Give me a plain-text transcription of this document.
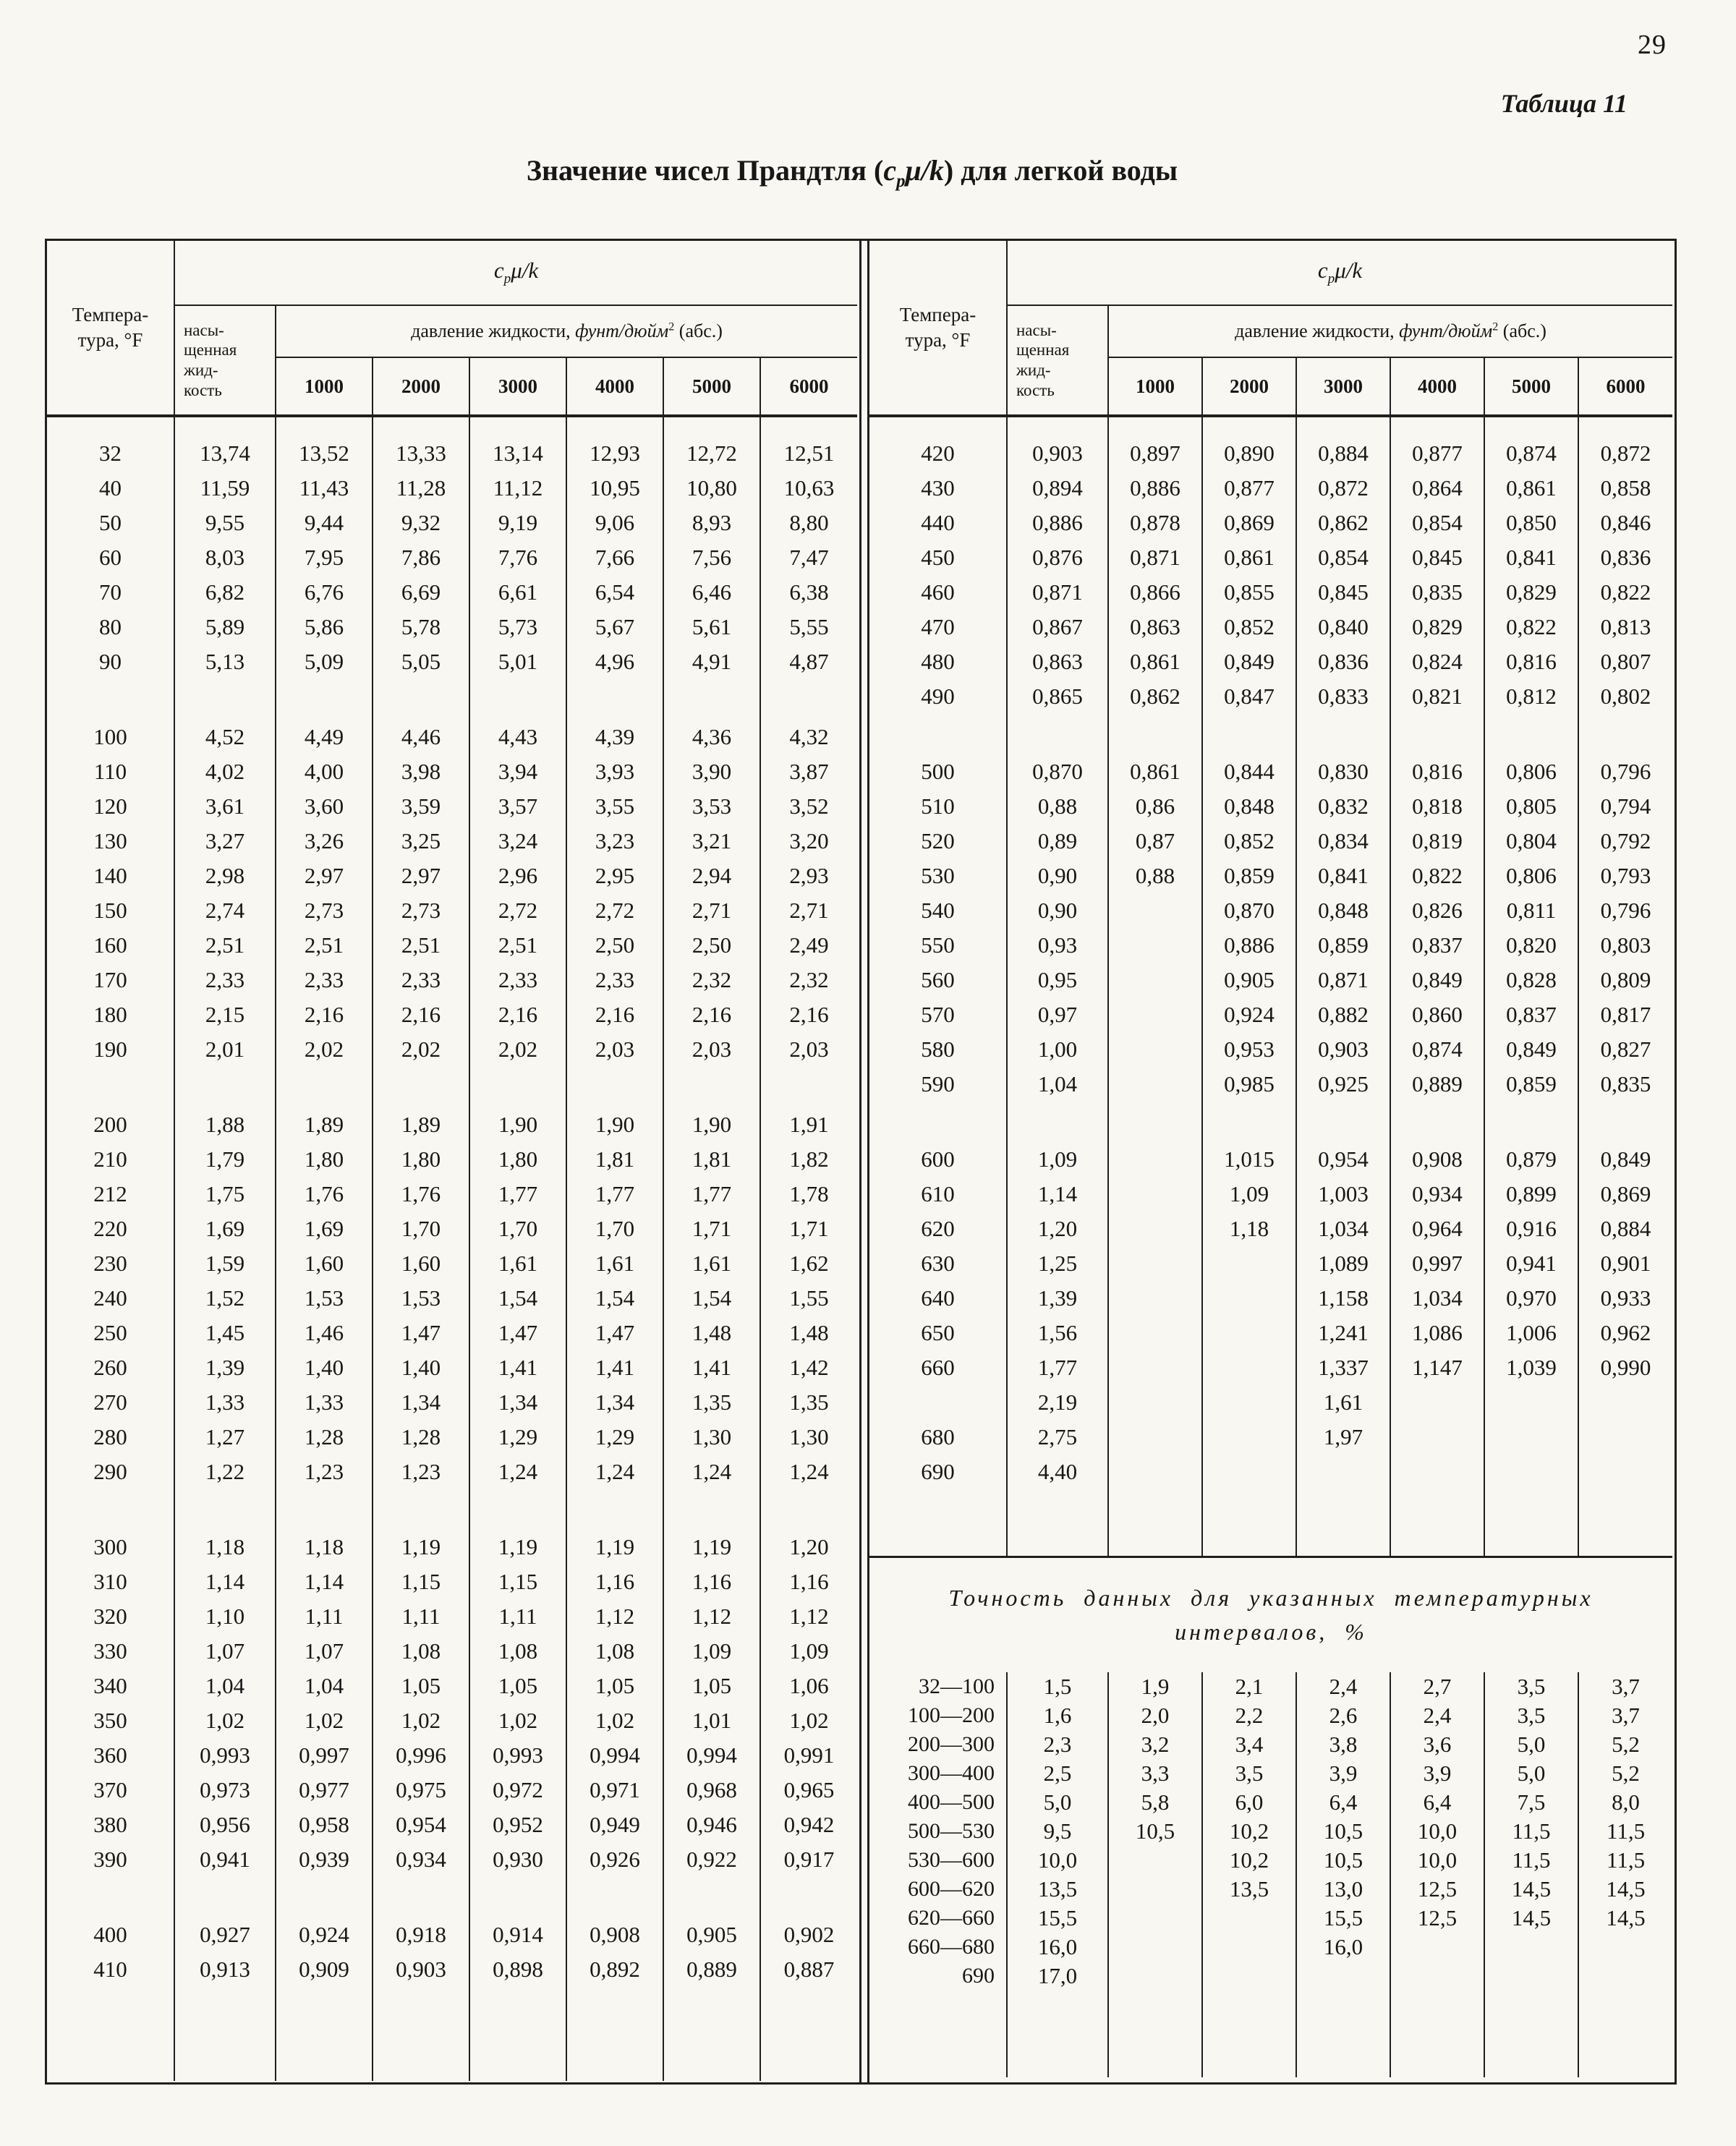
29
Таблица 11
Значение чисел Прандтля $(c_p\mu/k)$ для легкой воды
Темпера-
тура, °F	$c_p\mu/k$						

	насы-
щенная
жид-
кость	давление жидкости, фунт/дюйм$^2$ (абс.)					
		1000	2000	3000	4000	5000	6000

32	13,74	13,52	13,33	13,14	12,93	12,72	12,51
40	11,59	11,43	11,28	11,12	10,95	10,80	10,63
50	9,55	9,44	9,32	9,19	9,06	8,93	8,80
60	8,03	7,95	7,86	7,76	7,66	7,56	7,47
70	6,82	6,76	6,69	6,61	6,54	6,46	6,38
80	5,89	5,86	5,78	5,73	5,67	5,61	5,55
90	5,13	5,09	5,05	5,01	4,96	4,91	4,87

100	4,52	4,49	4,46	4,43	4,39	4,36	4,32
110	4,02	4,00	3,98	3,94	3,93	3,90	3,87
120	3,61	3,60	3,59	3,57	3,55	3,53	3,52
130	3,27	3,26	3,25	3,24	3,23	3,21	3,20
140	2,98	2,97	2,97	2,96	2,95	2,94	2,93
150	2,74	2,73	2,73	2,72	2,72	2,71	2,71
160	2,51	2,51	2,51	2,51	2,50	2,50	2,49
170	2,33	2,33	2,33	2,33	2,33	2,32	2,32
180	2,15	2,16	2,16	2,16	2,16	2,16	2,16
190	2,01	2,02	2,02	2,02	2,03	2,03	2,03

200	1,88	1,89	1,89	1,90	1,90	1,90	1,91
210	1,79	1,80	1,80	1,80	1,81	1,81	1,82
212	1,75	1,76	1,76	1,77	1,77	1,77	1,78
220	1,69	1,69	1,70	1,70	1,70	1,71	1,71
230	1,59	1,60	1,60	1,61	1,61	1,61	1,62
240	1,52	1,53	1,53	1,54	1,54	1,54	1,55
250	1,45	1,46	1,47	1,47	1,47	1,48	1,48
260	1,39	1,40	1,40	1,41	1,41	1,41	1,42
270	1,33	1,33	1,34	1,34	1,34	1,35	1,35
280	1,27	1,28	1,28	1,29	1,29	1,30	1,30
290	1,22	1,23	1,23	1,24	1,24	1,24	1,24

300	1,18	1,18	1,19	1,19	1,19	1,19	1,20
310	1,14	1,14	1,15	1,15	1,16	1,16	1,16
320	1,10	1,11	1,11	1,11	1,12	1,12	1,12
330	1,07	1,07	1,08	1,08	1,08	1,09	1,09
340	1,04	1,04	1,05	1,05	1,05	1,05	1,06
350	1,02	1,02	1,02	1,02	1,02	1,01	1,02
360	0,993	0,997	0,996	0,993	0,994	0,994	0,991
370	0,973	0,977	0,975	0,972	0,971	0,968	0,965
380	0,956	0,958	0,954	0,952	0,949	0,946	0,942
390	0,941	0,939	0,934	0,930	0,926	0,922	0,917

400	0,927	0,924	0,918	0,914	0,908	0,905	0,902
410	0,913	0,909	0,903	0,898	0,892	0,889	0,887

Темпера-
тура, °F	$c_p\mu/k$						

	насы-
щенная
жид-
кость	давление жидкости, фунт/дюйм$^2$ (абс.)					
		1000	2000	3000	4000	5000	6000

420	0,903	0,897	0,890	0,884	0,877	0,874	0,872
430	0,894	0,886	0,877	0,872	0,864	0,861	0,858
440	0,886	0,878	0,869	0,862	0,854	0,850	0,846
450	0,876	0,871	0,861	0,854	0,845	0,841	0,836
460	0,871	0,866	0,855	0,845	0,835	0,829	0,822
470	0,867	0,863	0,852	0,840	0,829	0,822	0,813
480	0,863	0,861	0,849	0,836	0,824	0,816	0,807
490	0,865	0,862	0,847	0,833	0,821	0,812	0,802

500	0,870	0,861	0,844	0,830	0,816	0,806	0,796
510	0,88	0,86	0,848	0,832	0,818	0,805	0,794
520	0,89	0,87	0,852	0,834	0,819	0,804	0,792
530	0,90	0,88	0,859	0,841	0,822	0,806	0,793
540	0,90		0,870	0,848	0,826	0,811	0,796
550	0,93		0,886	0,859	0,837	0,820	0,803
560	0,95		0,905	0,871	0,849	0,828	0,809
570	0,97		0,924	0,882	0,860	0,837	0,817
580	1,00		0,953	0,903	0,874	0,849	0,827
590	1,04		0,985	0,925	0,889	0,859	0,835

600	1,09		1,015	0,954	0,908	0,879	0,849
610	1,14		1,09	1,003	0,934	0,899	0,869
620	1,20		1,18	1,034	0,964	0,916	0,884
630	1,25			1,089	0,997	0,941	0,901
640	1,39			1,158	1,034	0,970	0,933
650	1,56			1,241	1,086	1,006	0,962
660	1,77			1,337	1,147	1,039	0,990
	2,19			1,61			
680	2,75			1,97			
690	4,40						

Точность данных для указанных температурных
интервалов, %							

32—100	1,5	1,9	2,1	2,4	2,7	3,5	3,7
100—200	1,6	2,0	2,2	2,6	2,4	3,5	3,7
200—300	2,3	3,2	3,4	3,8	3,6	5,0	5,2
300—400	2,5	3,3	3,5	3,9	3,9	5,0	5,2
400—500	5,0	5,8	6,0	6,4	6,4	7,5	8,0
500—530	9,5	10,5	10,2	10,5	10,0	11,5	11,5
530—600	10,0		10,2	10,5	10,0	11,5	11,5
600—620	13,5		13,5	13,0	12,5	14,5	14,5
620—660	15,5			15,5	12,5	14,5	14,5
660—680	16,0			16,0			
690	17,0						
